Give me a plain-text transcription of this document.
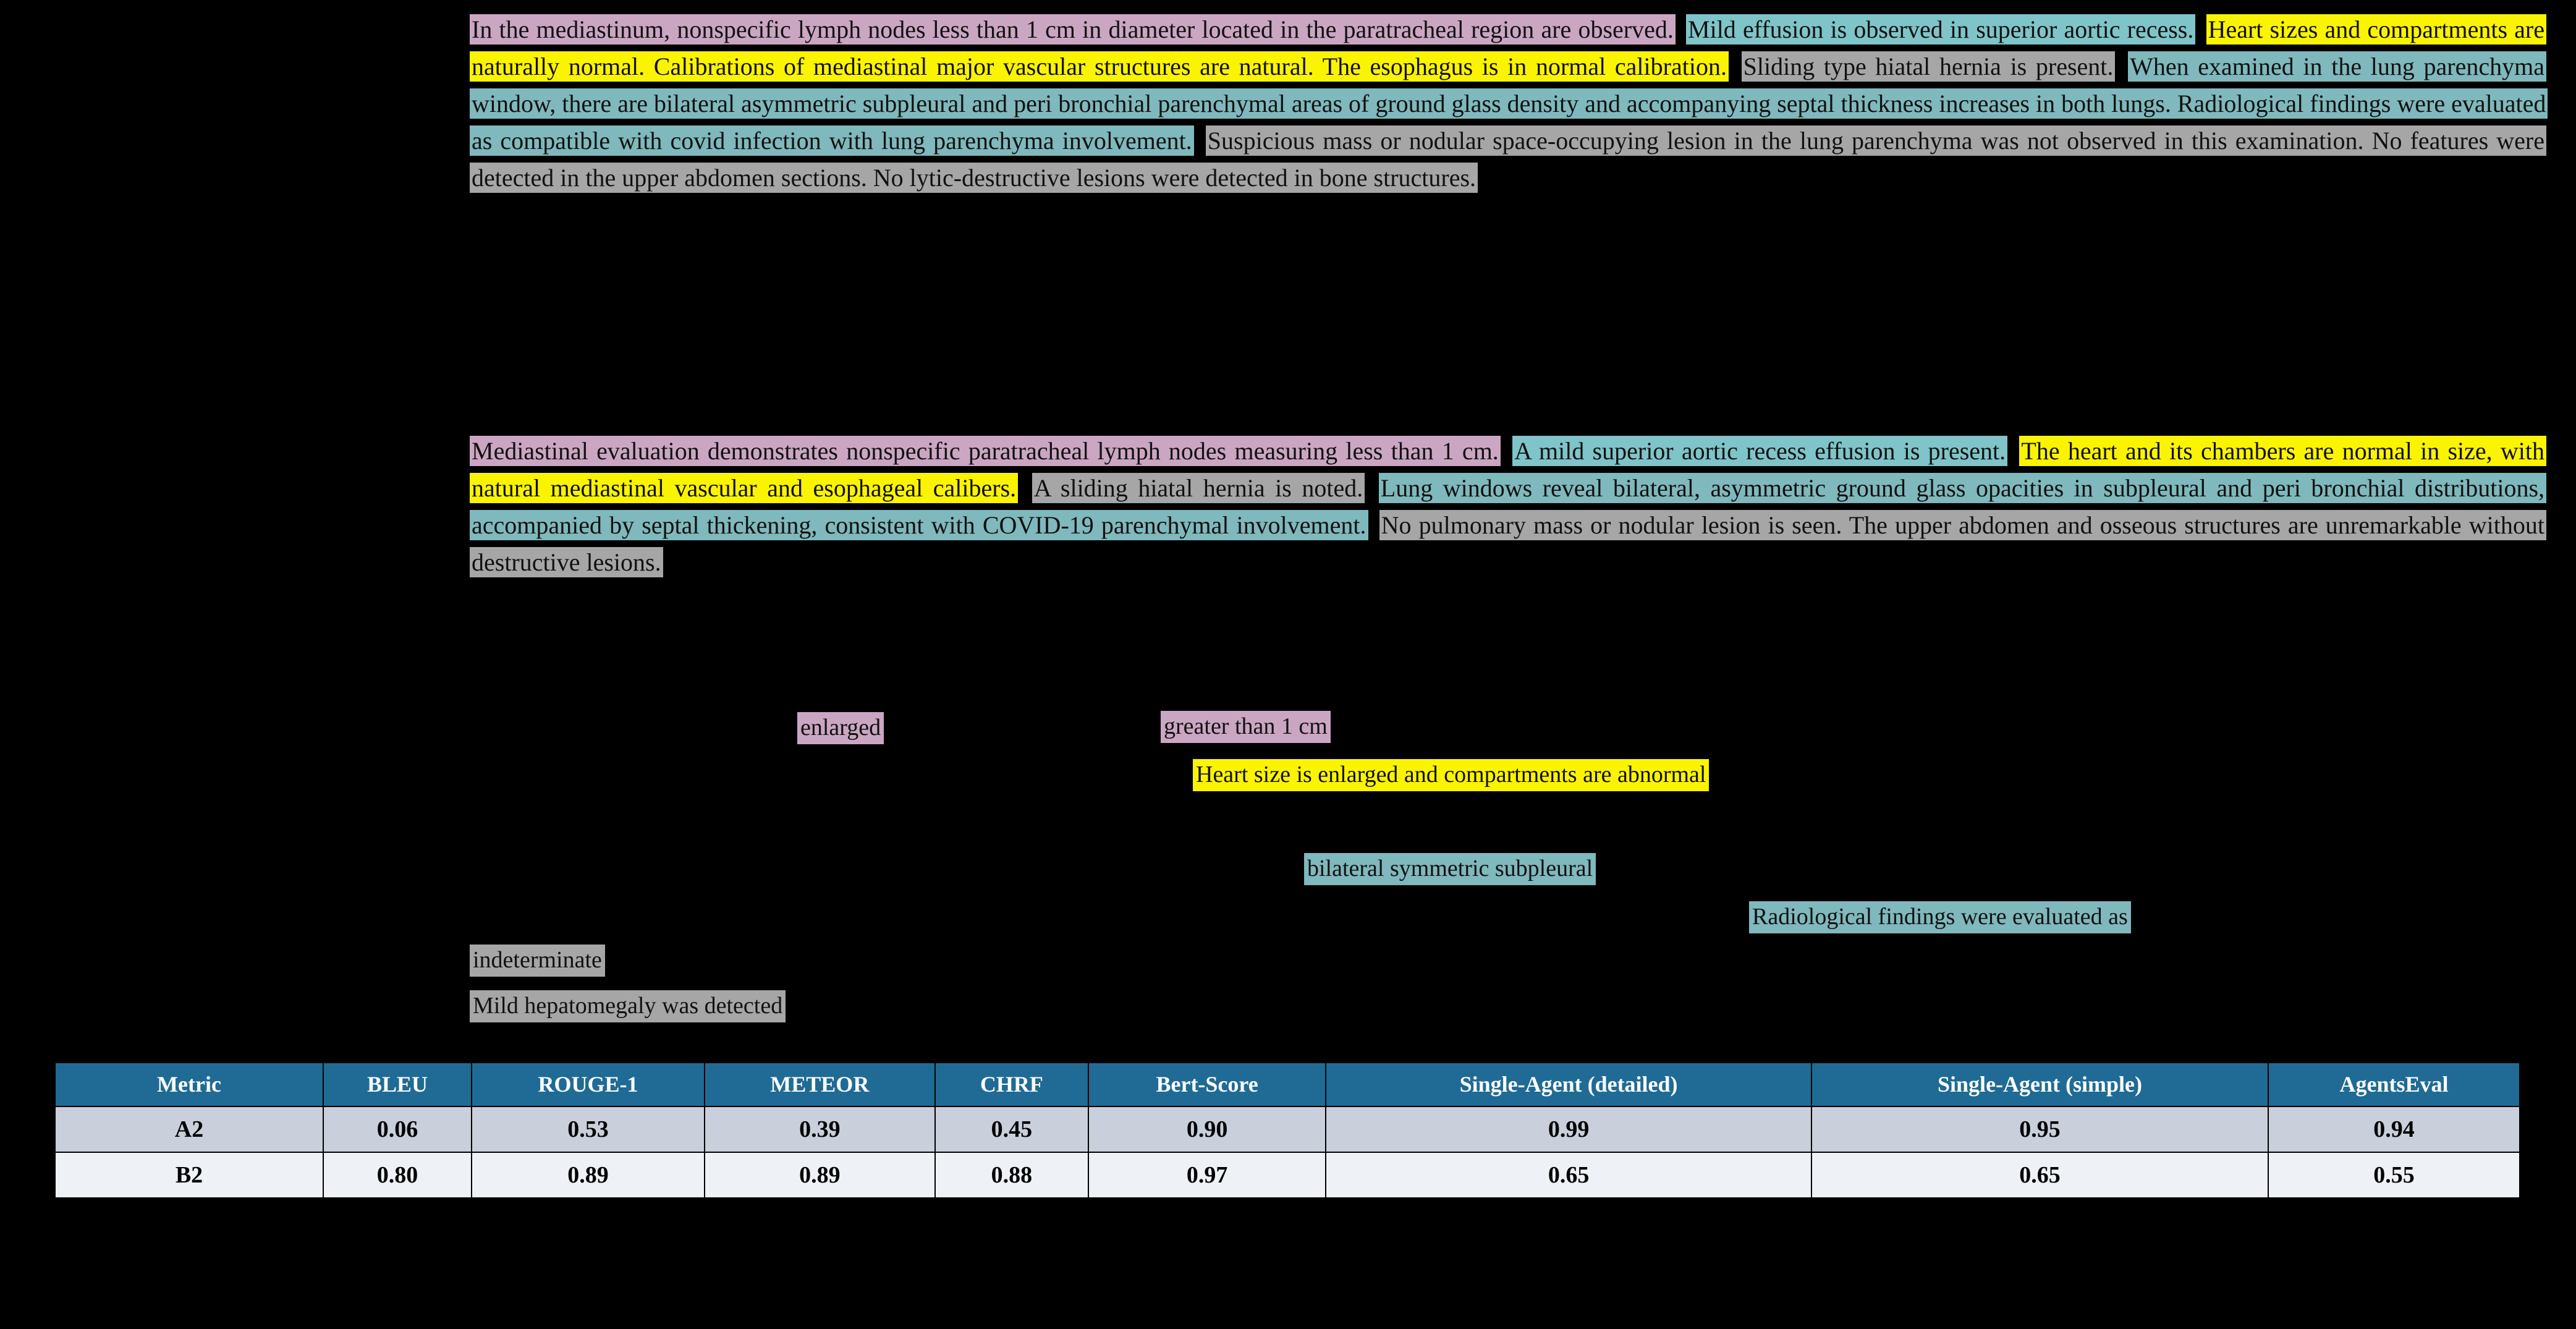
In the mediastinum, nonspecific lymph nodes less than 1 cm in diameter located in the paratracheal region are observed. Mild effusion is observed in superior aortic recess. Heart sizes and compartments are naturally normal. Calibrations of mediastinal major vascular structures are natural. The esophagus is in normal calibration. Sliding type hiatal hernia is present. When examined in the lung parenchyma window, there are bilateral asymmetric subpleural and peri bronchial parenchymal areas of ground glass density and accompanying septal thickness increases in both lungs. Radiological findings were evaluated as compatible with covid infection with lung parenchyma involvement. Suspicious mass or nodular space-occupying lesion in the lung parenchyma was not observed in this examination. No features were detected in the upper abdomen sections. No lytic-destructive lesions were detected in bone structures.
Mediastinal evaluation demonstrates nonspecific paratracheal lymph nodes measuring less than 1 cm. A mild superior aortic recess effusion is present. The heart and its chambers are normal in size, with natural mediastinal vascular and esophageal calibers. A sliding hiatal hernia is noted. Lung windows reveal bilateral, asymmetric ground glass opacities in subpleural and peri bronchial distributions, accompanied by septal thickening, consistent with COVID-19 parenchymal involvement. No pulmonary mass or nodular lesion is seen. The upper abdomen and osseous structures are unremarkable without destructive lesions.
enlarged	greater than 1 cm
Heart size is enlarged and compartments are abnormal
bilateral symmetric subpleural
Radiological findings were evaluated as
indeterminate
Mild hepatomegaly was detected
Metric	BLEU	ROUGE-1	METEOR	CHRF	Bert-Score	Single-Agent (detailed)	Single-Agent (simple)	AgentsEval
A2	0.06	0.53	0.39	0.45	0.90	0.99	0.95	0.94
B2	0.80	0.89	0.89	0.88	0.97	0.65	0.65	0.55
